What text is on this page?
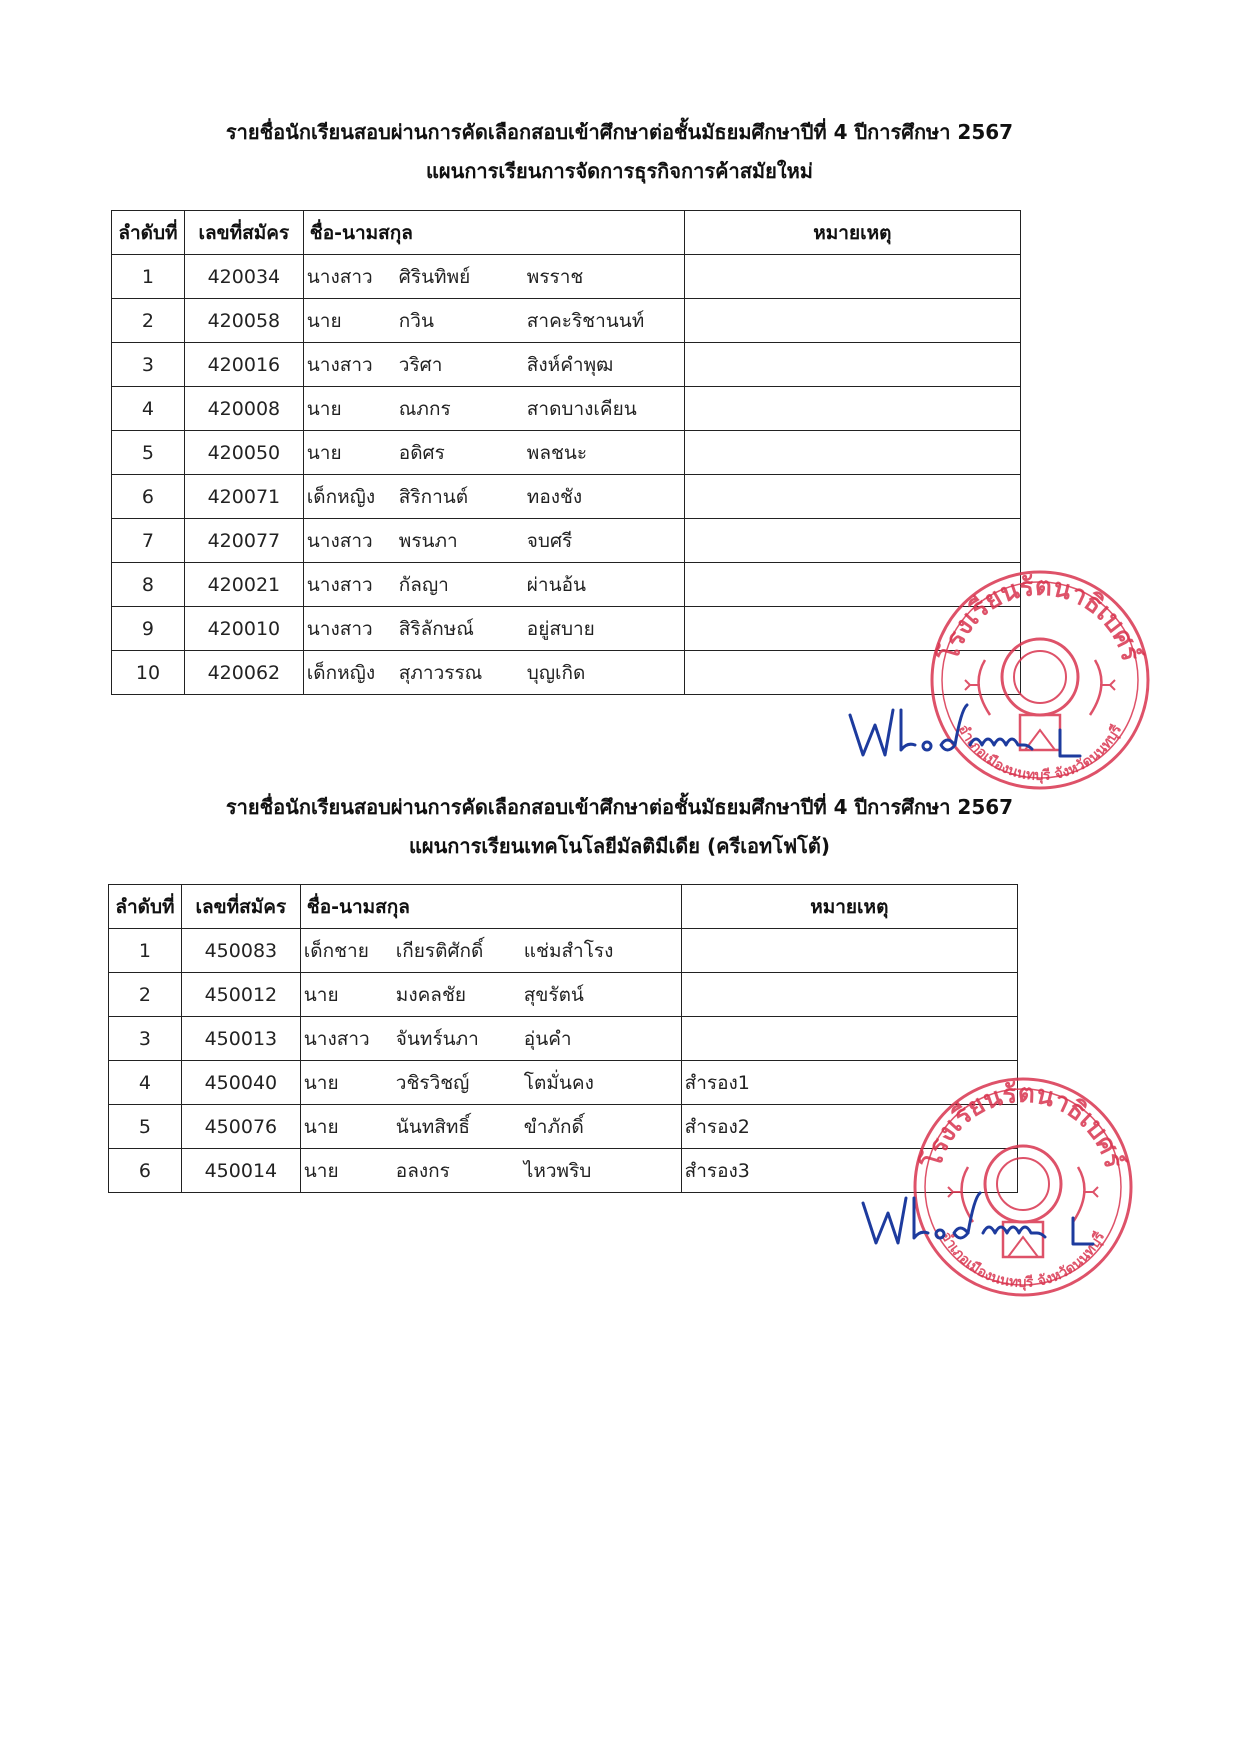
รายชื่อนักเรียนสอบผ่านการคัดเลือกสอบเข้าศึกษาต่อชั้นมัธยมศึกษาปีที่ 4 ปีการศึกษา 2567
แผนการเรียนการจัดการธุรกิจการค้าสมัยใหม่
ลำดับที่	เลขที่สมัคร	ชื่อ-นามสกุล	หมายเหตุ
1	420034	นางสาว ศิรินทิพย์ พรราช	
2	420058	นาย กวิน สาคะริชานนท์	
3	420016	นางสาว วริศา สิงห์คำพุฒ	
4	420008	นาย ณภกร สาดบางเคียน	
5	420050	นาย อดิศร พลชนะ	
6	420071	เด็กหญิง สิริกานต์ ทองชัง	
7	420077	นางสาว พรนภา จบศรี	
8	420021	นางสาว กัลญา ผ่านอ้น	
9	420010	นางสาว สิริลักษณ์ อยู่สบาย	
10	420062	เด็กหญิง สุภาวรรณ บุญเกิด	
รายชื่อนักเรียนสอบผ่านการคัดเลือกสอบเข้าศึกษาต่อชั้นมัธยมศึกษาปีที่ 4 ปีการศึกษา 2567
แผนการเรียนเทคโนโลยีมัลติมีเดีย (ครีเอทโฟโต้)
ลำดับที่	เลขที่สมัคร	ชื่อ-นามสกุล	หมายเหตุ
1	450083	เด็กชาย เกียรติศักดิ์ แช่มสำโรง	
2	450012	นาย มงคลชัย สุขรัตน์	
3	450013	นางสาว จันทร์นภา อุ่นคำ	
4	450040	นาย วชิรวิชญ์ โตมั่นคง	สำรอง1
5	450076	นาย นันทสิทธิ์ ขำภักดิ์	สำรอง2
6	450014	นาย อลงกร ไหวพริบ	สำรอง3
โรงเรียนรัตนาธิเบศร์
อำเภอเมืองนนทบุรี จังหวัดนนทบุรี
โรงเรียนรัตนาธิเบศร์
อำเภอเมืองนนทบุรี จังหวัดนนทบุรี
